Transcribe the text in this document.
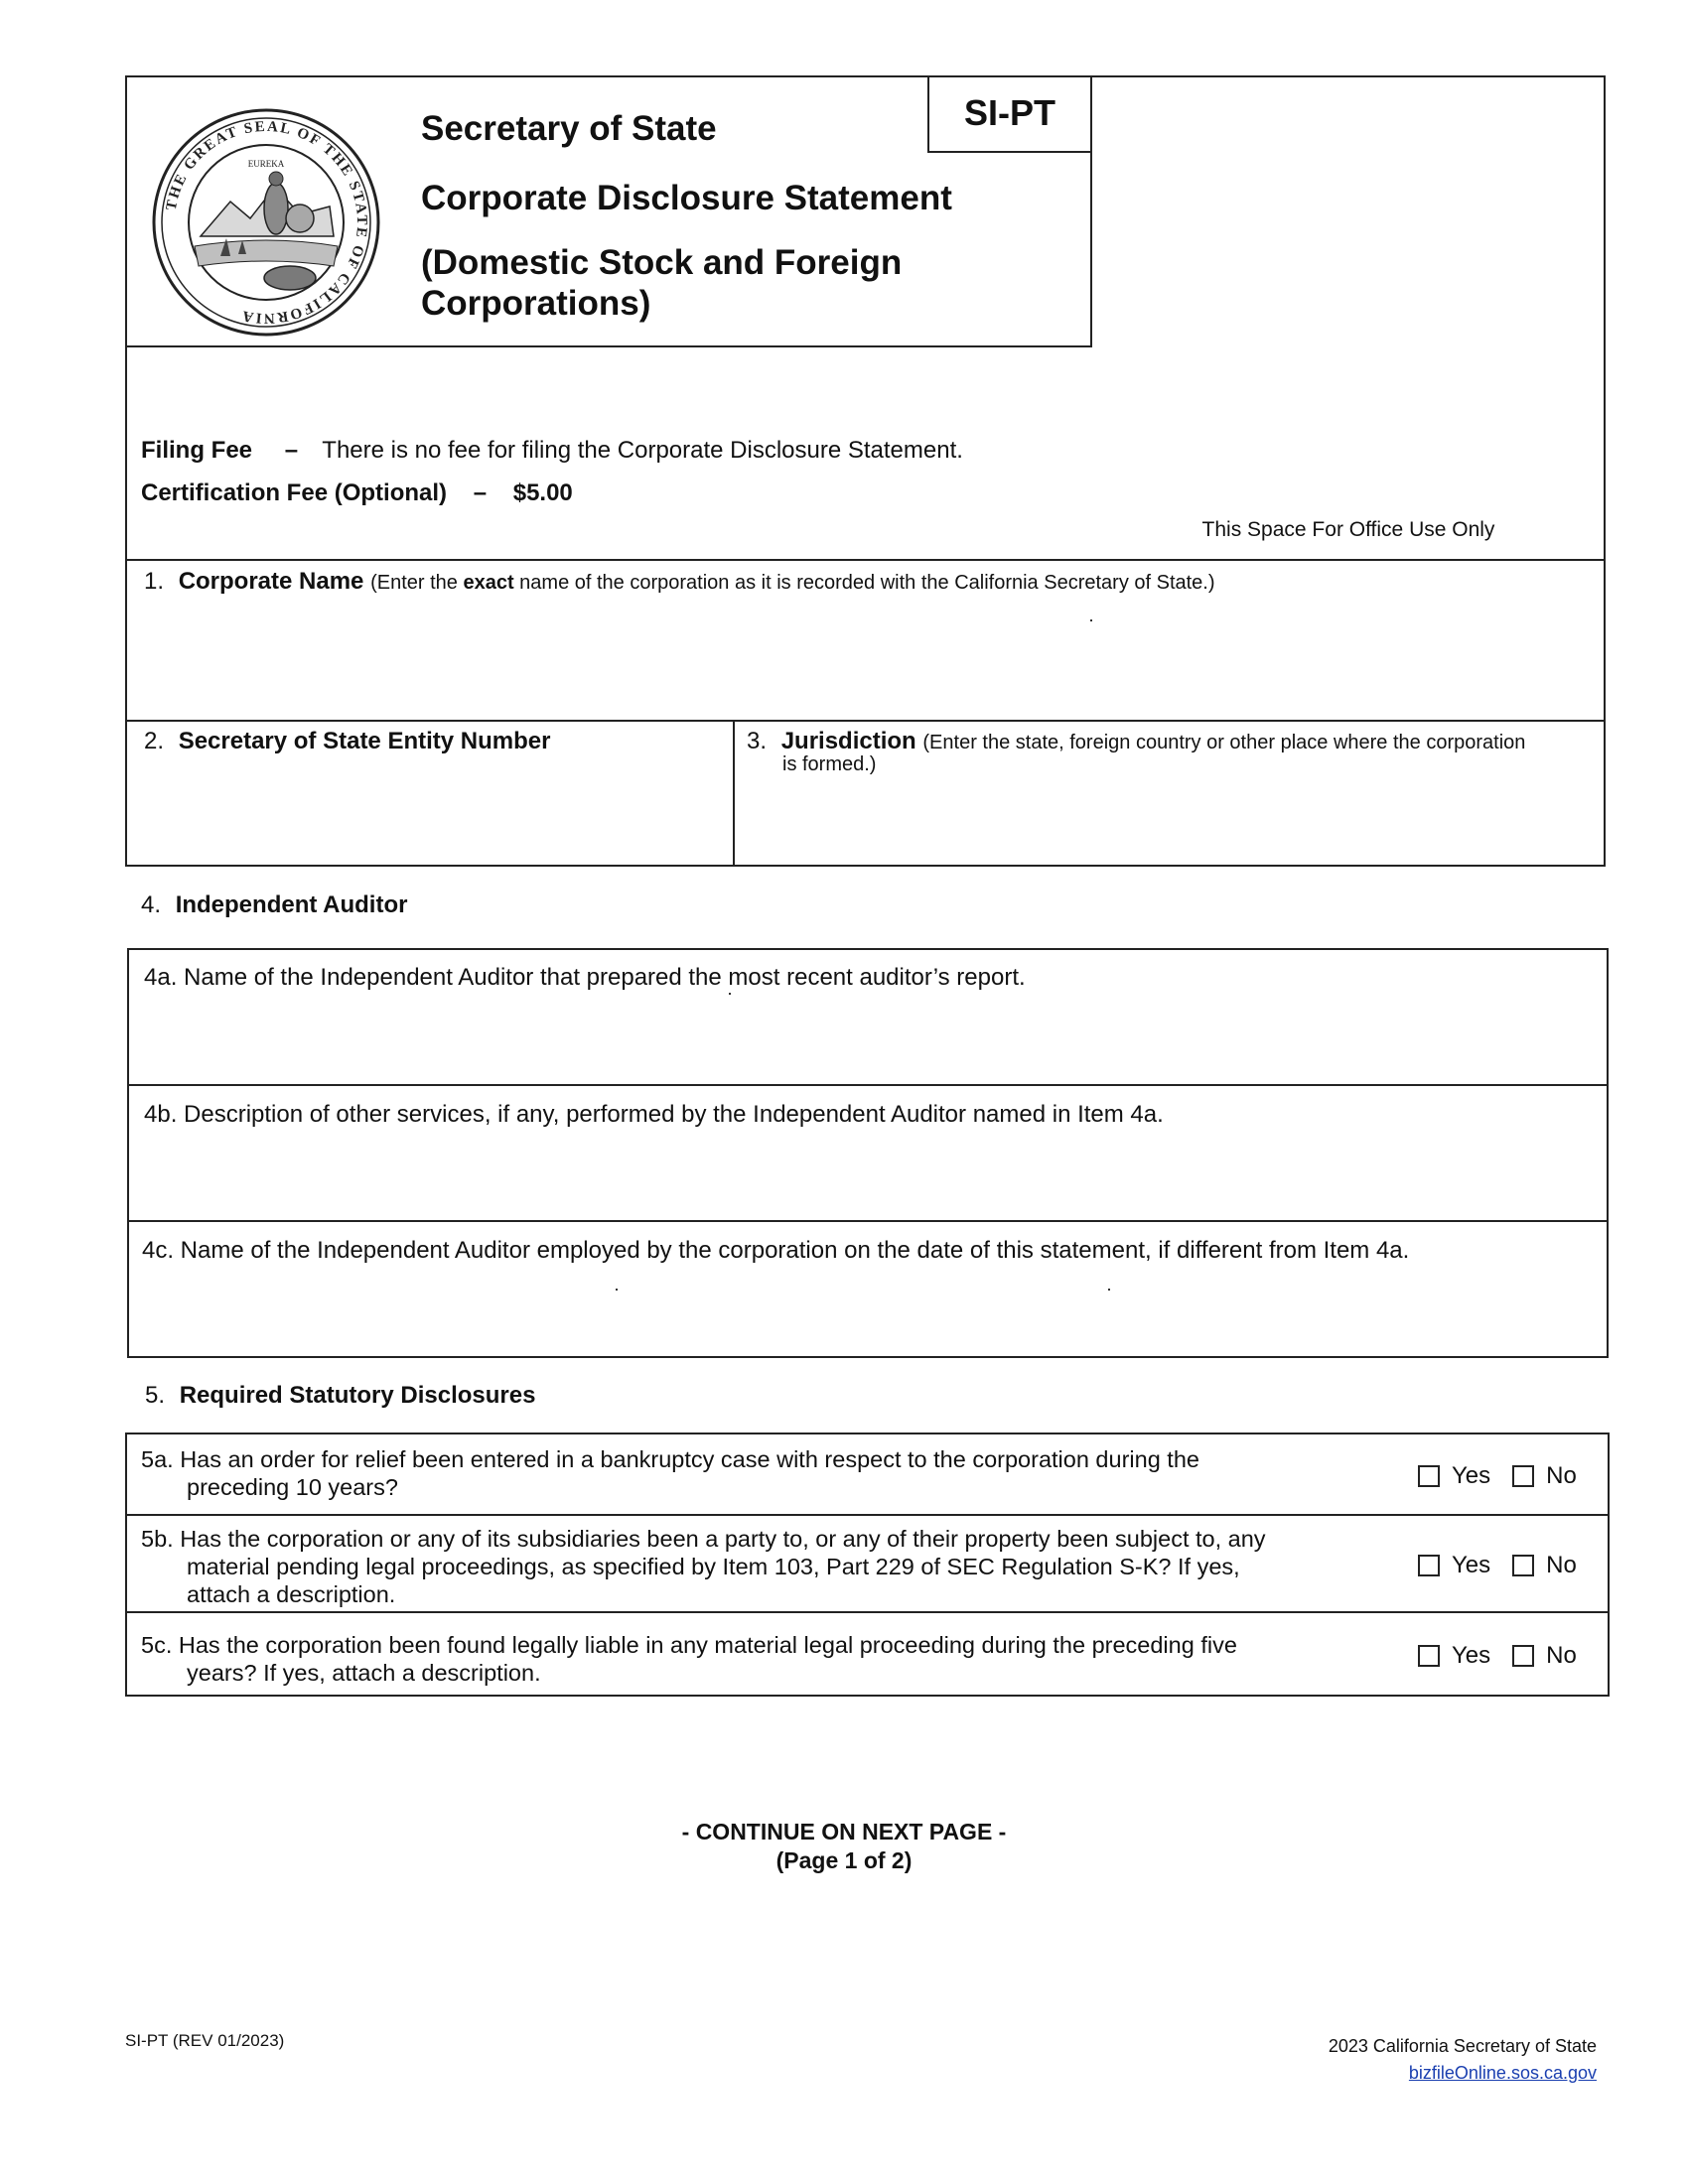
THE GREAT SEAL OF THE STATE OF CALIFORNIA
EUREKA
Secretary of State
Corporate Disclosure Statement
(Domestic Stock and Foreign Corporations)
SI-PT
Filing Fee – There is no fee for filing the Corporate Disclosure Statement.
Certification Fee (Optional) – $5.00
This Space For Office Use Only
1. Corporate Name (Enter the exact name of the corporation as it is recorded with the California Secretary of State.)
2. Secretary of State Entity Number	3. Jurisdiction (Enter the state, foreign country or other place where the corporation
is formed.)
4. Independent Auditor
4a. Name of the Independent Auditor that prepared the most recent auditor’s report.
4b. Description of other services, if any, performed by the Independent Auditor named in Item 4a.
4c. Name of the Independent Auditor employed by the corporation on the date of this statement, if different from Item 4a.
5. Required Statutory Disclosures
5a. Has an order for relief been entered in a bankruptcy case with respect to the corporation during the
preceding 10 years?
5b. Has the corporation or any of its subsidiaries been a party to, or any of their property been subject to, any
material pending legal proceedings, as specified by Item 103, Part 229 of SEC Regulation S-K? If yes,
attach a description.
5c. Has the corporation been found legally liable in any material legal proceeding during the preceding five
years? If yes, attach a description.
Yes No
Yes No
Yes No
- CONTINUE ON NEXT PAGE -
(Page 1 of 2)
SI-PT (REV 01/2023)	2023 California Secretary of State
bizfileOnline.sos.ca.gov
